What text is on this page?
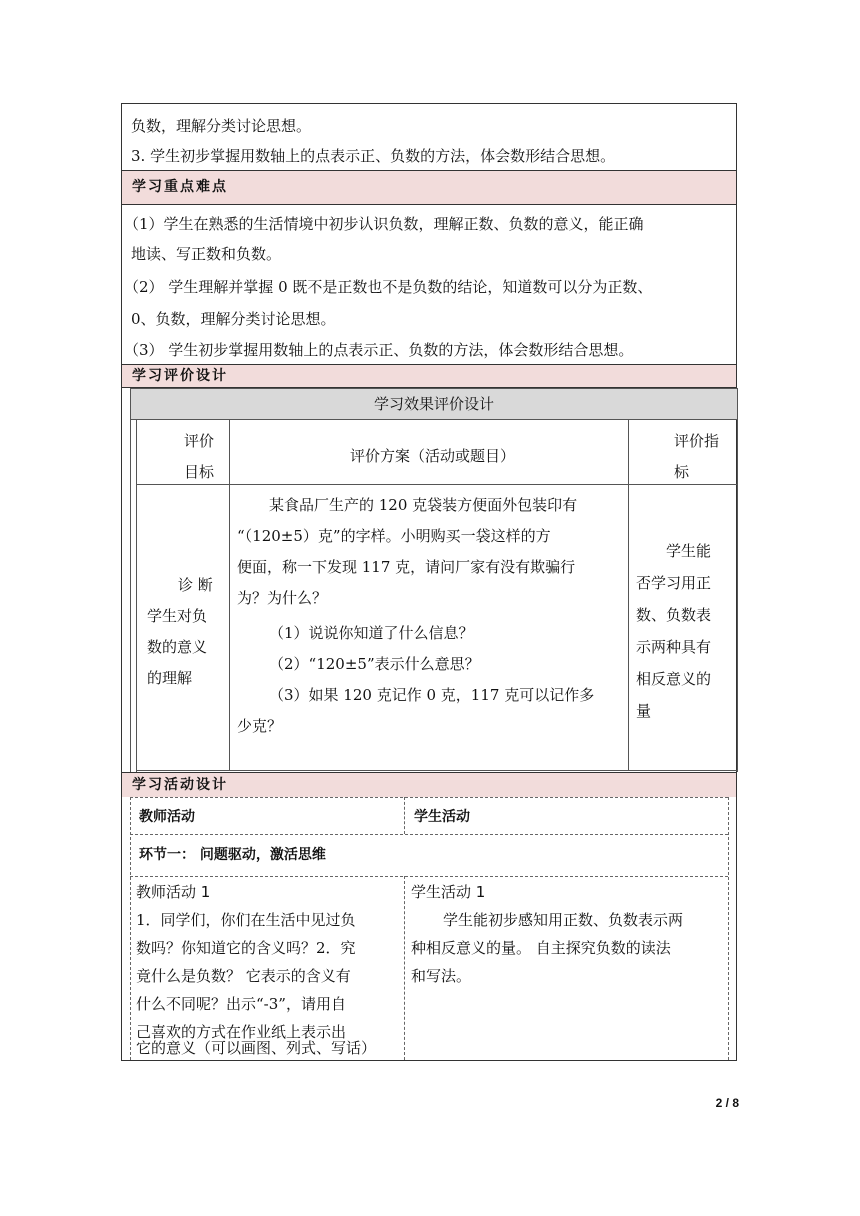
负数，理解分类讨论思想。
3. 学生初步掌握用数轴上的点表示正、负数的方法，体会数形结合思想。
学习重点难点
（1）学生在熟悉的生活情境中初步认识负数，理解正数、负数的意义，能正确
地读、写正数和负数。
（2） 学生理解并掌握 0 既不是正数也不是负数的结论，知道数可以分为正数、
0、负数，理解分类讨论思想。
（3） 学生初步掌握用数轴上的点表示正、负数的方法，体会数形结合思想。
学习评价设计
学习效果评价设计
评价
目标
评价方案（活动或题目）
评价指
标
诊 断
学生对负
数的意义
的理解
某食品厂生产的 120 克袋装方便面外包装印有
“（120±5）克”的字样。小明购买一袋这样的方
便面，称一下发现 117 克，请问厂家有没有欺骗行
为？为什么？
（1）说说你知道了什么信息？
（2）“120±5”表示什么意思？
（3）如果 120 克记作 0 克，117 克可以记作多
少克？
学生能
否学习用正
数、负数表
示两种具有
相反意义的
量
学习活动设计
教师活动	学生活动
环节一： 问题驱动，激活思维
教师活动 1
1．同学们，你们在生活中见过负
数吗？你知道它的含义吗？2．究
竟什么是负数？ 它表示的含义有
什么不同呢？出示“-3”，请用自
己喜欢的方式在作业纸上表示出
它的意义（可以画图、列式、写话）
学生活动 1
学生能初步感知用正数、负数表示两
种相反意义的量。 自主探究负数的读法
和写法。
2 / 8
